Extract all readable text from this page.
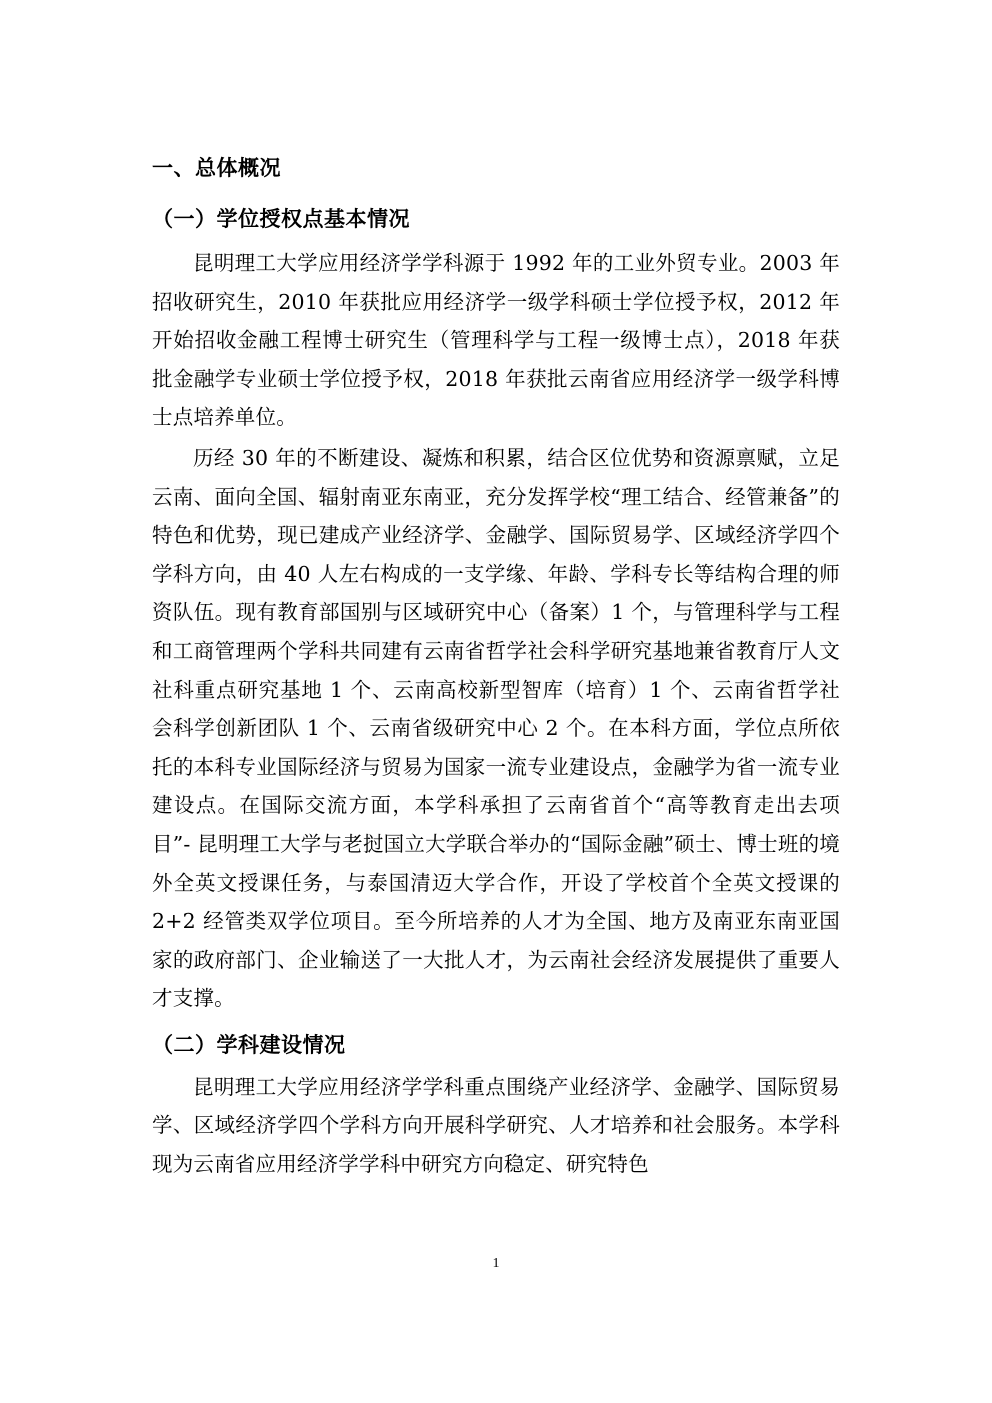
一、总体概况
（一）学位授权点基本情况

昆明理工大学应用经济学学科源于 1992 年的工业外贸专业。2003 年招收研究生，2010 年获批应用经济学一级学科硕士学位授予权，2012 年开始招收金融工程博士研究生（管理科学与工程一级博士点），2018 年获批金融学专业硕士学位授予权，2018 年获批云南省应用经济学一级学科博士点培养单位。

历经 30 年的不断建设、凝炼和积累，结合区位优势和资源禀赋，立足云南、面向全国、辐射南亚东南亚，充分发挥学校“理工结合、经管兼备”的特色和优势，现已建成产业经济学、金融学、国际贸易学、区域经济学四个学科方向，由 40 人左右构成的一支学缘、年龄、学科专长等结构合理的师资队伍。现有教育部国别与区域研究中心（备案）1 个，与管理科学与工程和工商管理两个学科共同建有云南省哲学社会科学研究基地兼省教育厅人文社科重点研究基地 1 个、云南高校新型智库（培育）1 个、云南省哲学社会科学创新团队 1 个、云南省级研究中心 2 个。在本科方面，学位点所依托的本科专业国际经济与贸易为国家一流专业建设点，金融学为省一流专业建设点。在国际交流方面，本学科承担了云南省首个“高等教育走出去项目”- 昆明理工大学与老挝国立大学联合举办的“国际金融”硕士、博士班的境外全英文授课任务，与泰国清迈大学合作，开设了学校首个全英文授课的 2+2 经管类双学位项目。至今所培养的人才为全国、地方及南亚东南亚国家的政府部门、企业输送了一大批人才，为云南社会经济发展提供了重要人才支撑。

（二）学科建设情况

昆明理工大学应用经济学学科重点围绕产业经济学、金融学、国际贸易学、区域经济学四个学科方向开展科学研究、人才培养和社会服务。本学科现为云南省应用经济学学科中研究方向稳定、研究特色

1
